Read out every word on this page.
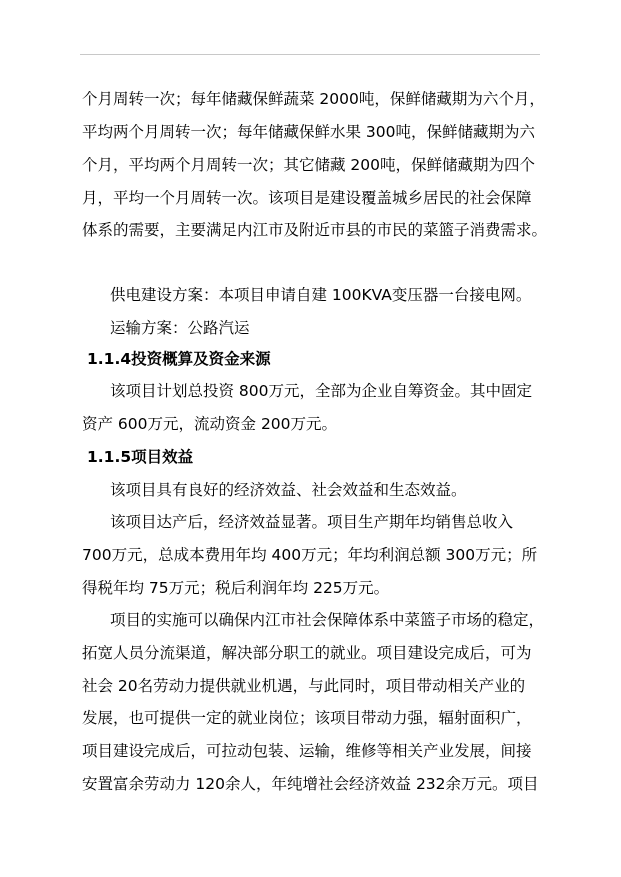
个月周转一次；每年储藏保鲜蔬菜 2000吨，保鲜储藏期为六个月，
平均两个月周转一次；每年储藏保鲜水果 300吨，保鲜储藏期为六
个月，平均两个月周转一次；其它储藏 200吨，保鲜储藏期为四个
月，平均一个月周转一次。该项目是建设覆盖城乡居民的社会保障
体系的需要，主要满足内江市及附近市县的市民的菜篮子消费需求。
供电建设方案：本项目申请自建 100KVA变压器一台接电网。
运输方案：公路汽运
1.1.4投资概算及资金来源
该项目计划总投资 800万元，全部为企业自筹资金。其中固定
资产 600万元，流动资金 200万元。
1.1.5项目效益
该项目具有良好的经济效益、社会效益和生态效益。
该项目达产后，经济效益显著。项目生产期年均销售总收入
700万元，总成本费用年均 400万元；年均利润总额 300万元；所
得税年均 75万元；税后利润年均 225万元。
项目的实施可以确保内江市社会保障体系中菜篮子市场的稳定，
拓宽人员分流渠道，解决部分职工的就业。项目建设完成后，可为
社会 20名劳动力提供就业机遇，与此同时，项目带动相关产业的
发展，也可提供一定的就业岗位；该项目带动力强，辐射面积广，
项目建设完成后，可拉动包装、运输，维修等相关产业发展，间接
安置富余劳动力 120余人，年纯增社会经济效益 232余万元。项目
